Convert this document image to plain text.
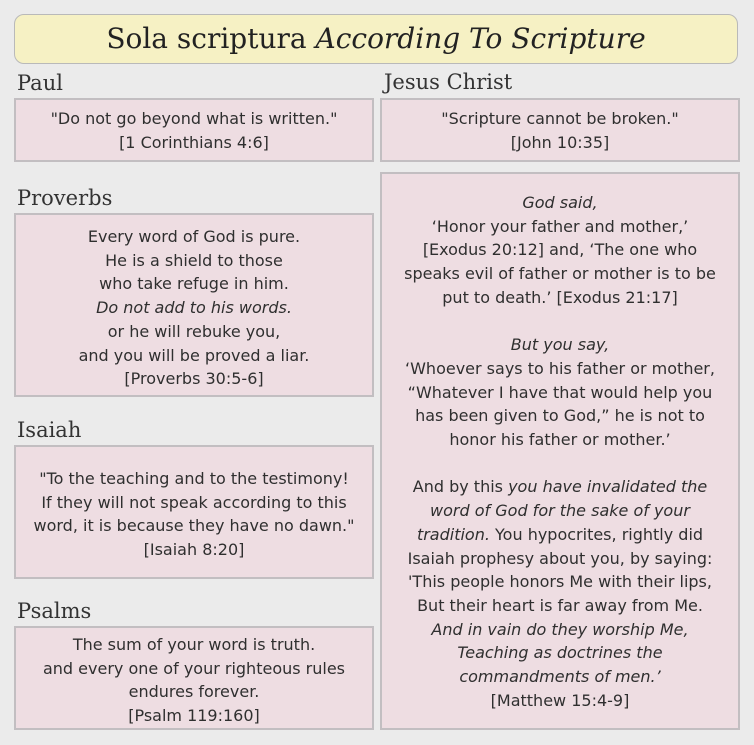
Sola scriptura According To Scripture
Paul
"Do not go beyond what is written."
[1 Corinthians 4:6]
Jesus Christ
"Scripture cannot be broken."
[John 10:35]
Proverbs
Every word of God is pure.
He is a shield to those
who take refuge in him.
Do not add to his words.
or he will rebuke you,
and you will be proved a liar.
[Proverbs 30:5-6]
Isaiah
"To the teaching and to the testimony!
If they will not speak according to this
word, it is because they have no dawn."
[Isaiah 8:20]
Psalms
The sum of your word is truth.
and every one of your righteous rules
endures forever.
[Psalm 119:160]
God said,
‘Honor your father and mother,’
[Exodus 20:12] and, ‘The one who
speaks evil of father or mother is to be
put to death.’ [Exodus 21:17]
But you say,
‘Whoever says to his father or mother,
“Whatever I have that would help you
has been given to God,” he is not to
honor his father or mother.’
And by this you have invalidated the
word of God for the sake of your
tradition. You hypocrites, rightly did
Isaiah prophesy about you, by saying:
'This people honors Me with their lips,
But their heart is far away from Me.
And in vain do they worship Me,
Teaching as doctrines the
commandments of men.’
[Matthew 15:4-9]
